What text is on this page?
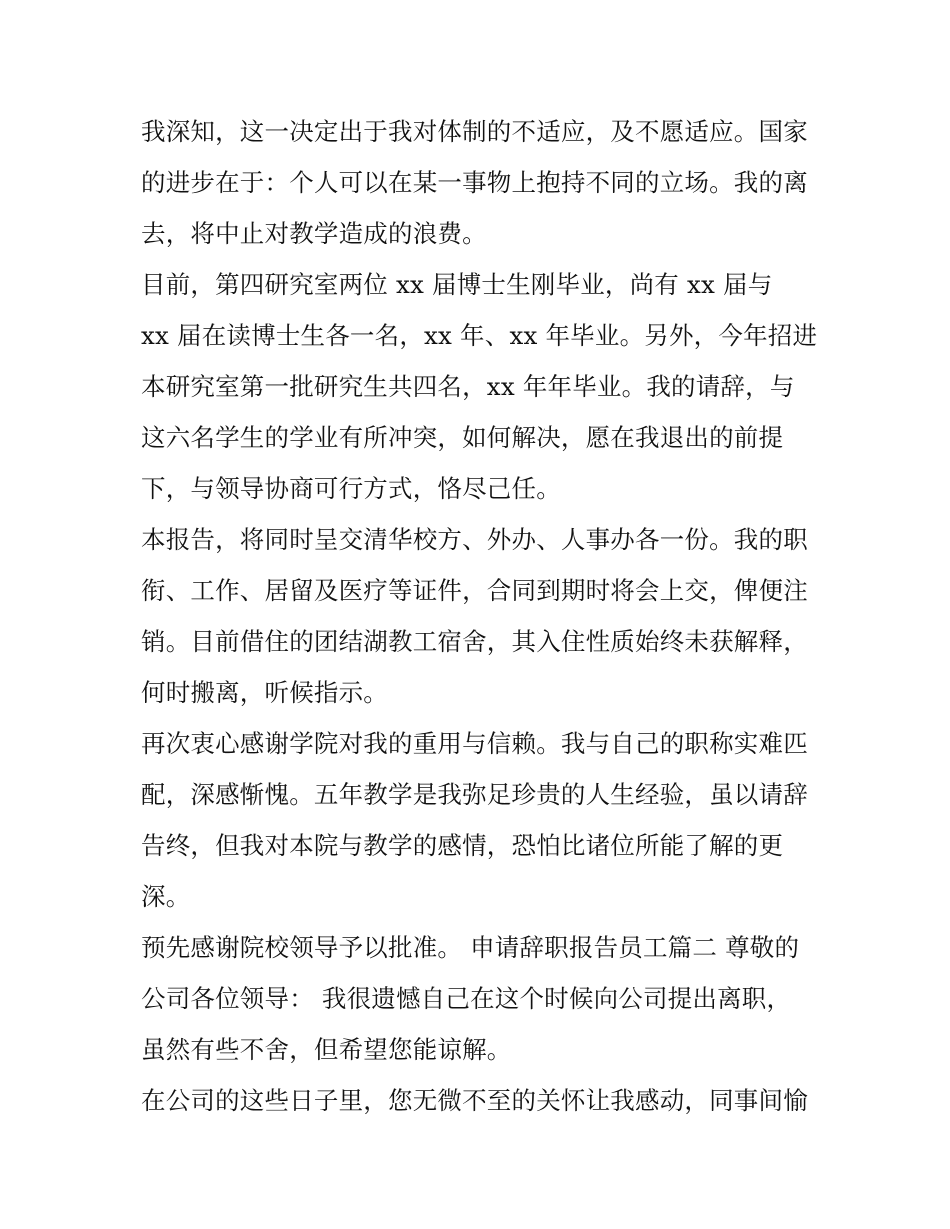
我深知，这一决定出于我对体制的不适应，及不愿适应。国家
的进步在于：个人可以在某一事物上抱持不同的立场。我的离
去，将中止对教学造成的浪费。
目前，第四研究室两位 xx 届博士生刚毕业，尚有 xx 届与
xx 届在读博士生各一名，xx 年、xx 年毕业。另外，今年招进
本研究室第一批研究生共四名，xx 年年毕业。我的请辞，与
这六名学生的学业有所冲突，如何解决，愿在我退出的前提
下，与领导协商可行方式，恪尽己任。
本报告，将同时呈交清华校方、外办、人事办各一份。我的职
衔、工作、居留及医疗等证件，合同到期时将会上交，俾便注
销。目前借住的团结湖教工宿舍，其入住性质始终未获解释，
何时搬离，听候指示。
再次衷心感谢学院对我的重用与信赖。我与自己的职称实难匹
配，深感惭愧。五年教学是我弥足珍贵的人生经验，虽以请辞
告终，但我对本院与教学的感情，恐怕比诸位所能了解的更
深。
预先感谢院校领导予以批准。 申请辞职报告员工篇二 尊敬的
公司各位领导： 我很遗憾自己在这个时候向公司提出离职，
虽然有些不舍，但希望您能谅解。
在公司的这些日子里，您无微不至的关怀让我感动，同事间愉
